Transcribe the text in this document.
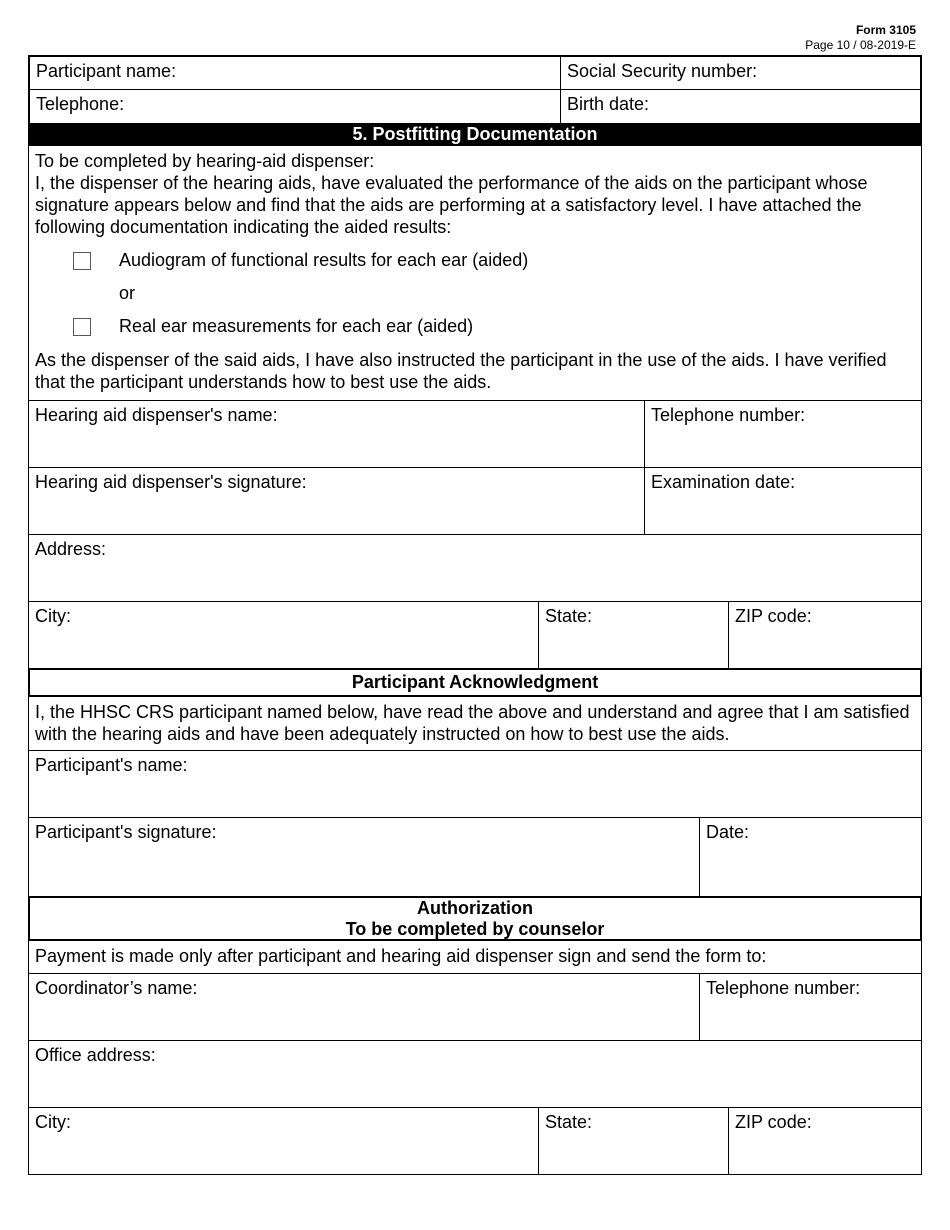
Form 3105
Page 10 / 08-2019-E
Participant name:	Social Security number:
Telephone:	Birth date:
5. Postfitting Documentation
To be completed by hearing-aid dispenser:
I, the dispenser of the hearing aids, have evaluated the performance of the aids on the participant whose signature appears below and find that the aids are performing at a satisfactory level. I have attached the following documentation indicating the aided results:
Audiogram of functional results for each ear (aided)
or
Real ear measurements for each ear (aided)
As the dispenser of the said aids, I have also instructed the participant in the use of the aids. I have verified that the participant understands how to best use the aids.
Hearing aid dispenser's name:	Telephone number:
Hearing aid dispenser's signature:	Examination date:
Address:
City:	State:	ZIP code:
Participant Acknowledgment
I, the HHSC CRS participant named below, have read the above and understand and agree that I am satisfied with the hearing aids and have been adequately instructed on how to best use the aids.
Participant's name:
Participant's signature:	Date:
Authorization
To be completed by counselor
Payment is made only after participant and hearing aid dispenser sign and send the form to:
Coordinator’s name:	Telephone number:
Office address:
City:	State:	ZIP code:
